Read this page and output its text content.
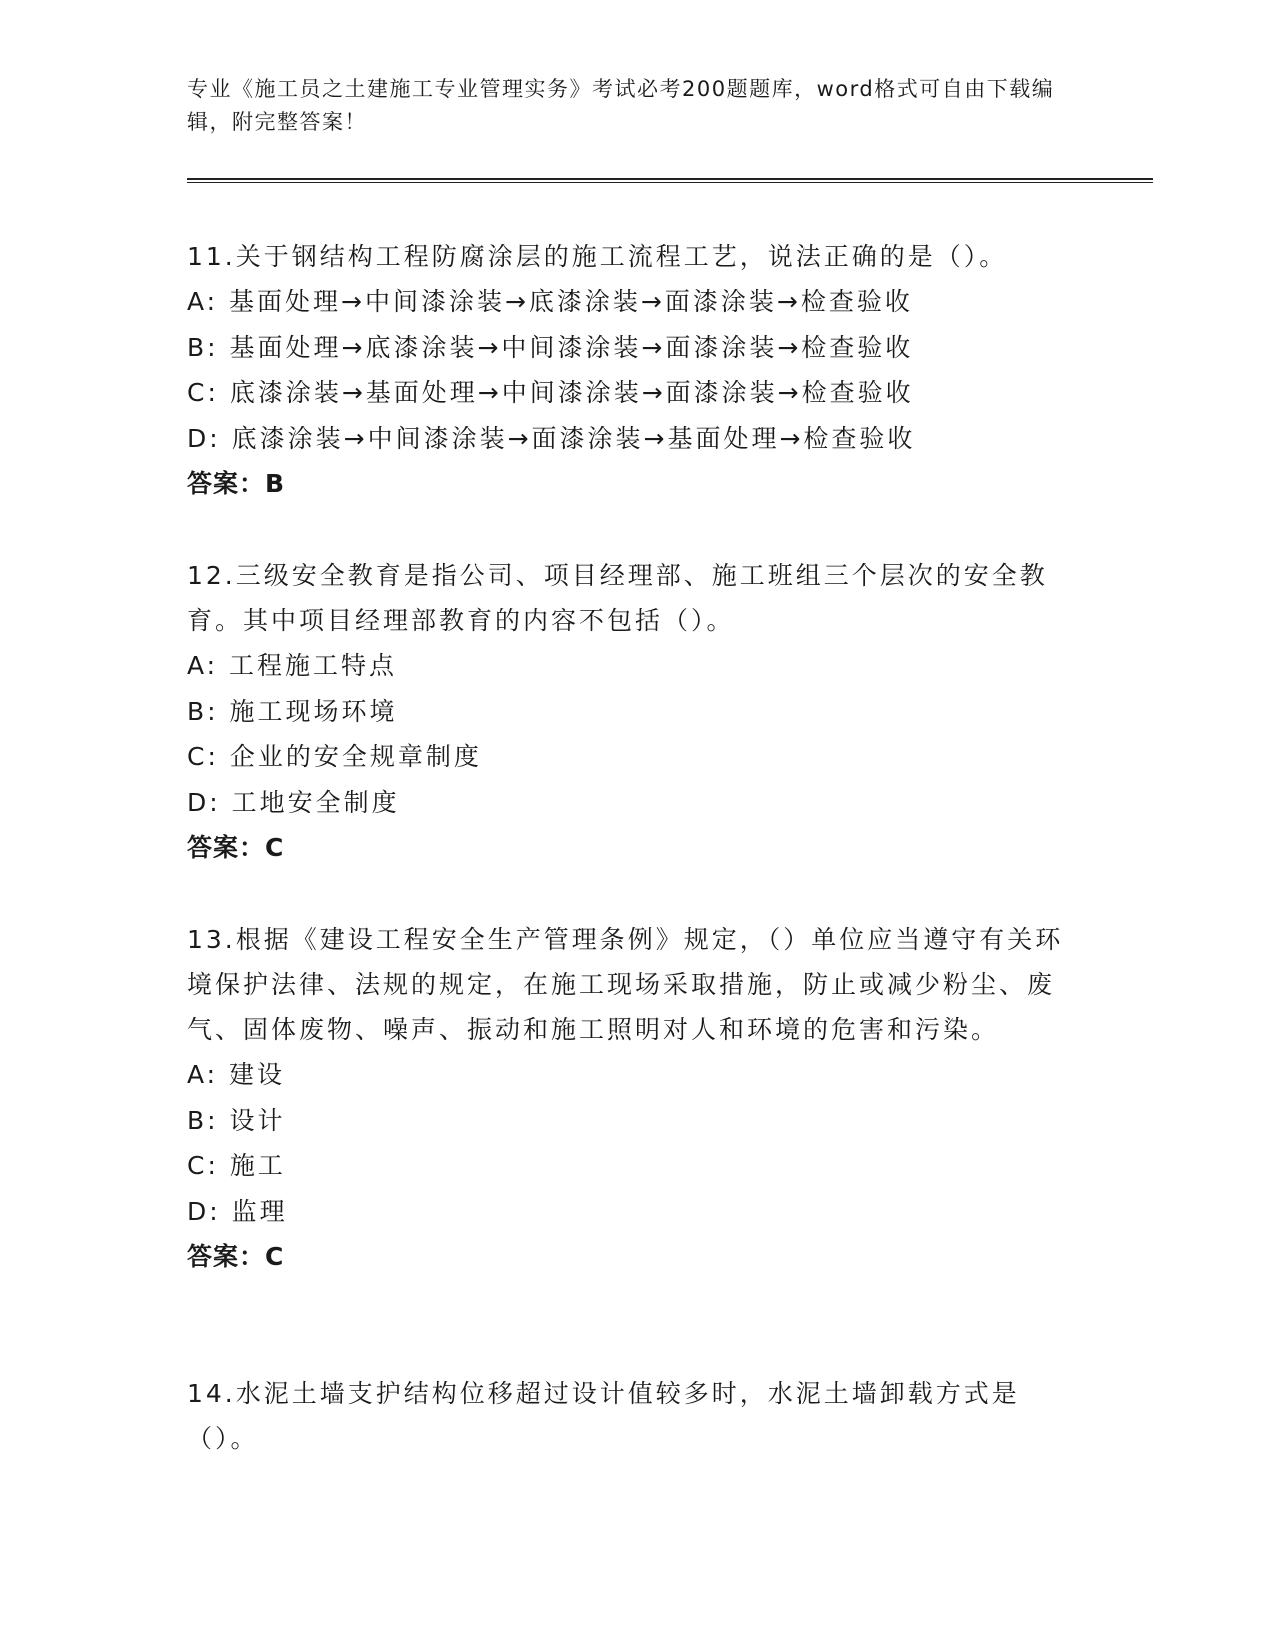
专业《施工员之土建施工专业管理实务》考试必考200题题库，word格式可自由下载编辑，附完整答案！
11.关于钢结构工程防腐涂层的施工流程工艺，说法正确的是（）。
A: 基面处理→中间漆涂装→底漆涂装→面漆涂装→检查验收
B: 基面处理→底漆涂装→中间漆涂装→面漆涂装→检查验收
C: 底漆涂装→基面处理→中间漆涂装→面漆涂装→检查验收
D: 底漆涂装→中间漆涂装→面漆涂装→基面处理→检查验收
答案：B
12.三级安全教育是指公司、项目经理部、施工班组三个层次的安全教育。其中项目经理部教育的内容不包括（）。
A: 工程施工特点
B: 施工现场环境
C: 企业的安全规章制度
D: 工地安全制度
答案：C
13.根据《建设工程安全生产管理条例》规定，（）单位应当遵守有关环境保护法律、法规的规定，在施工现场采取措施，防止或减少粉尘、废气、固体废物、噪声、振动和施工照明对人和环境的危害和污染。
A: 建设
B: 设计
C: 施工
D: 监理
答案：C
14.水泥土墙支护结构位移超过设计值较多时，水泥土墙卸载方式是（）。
